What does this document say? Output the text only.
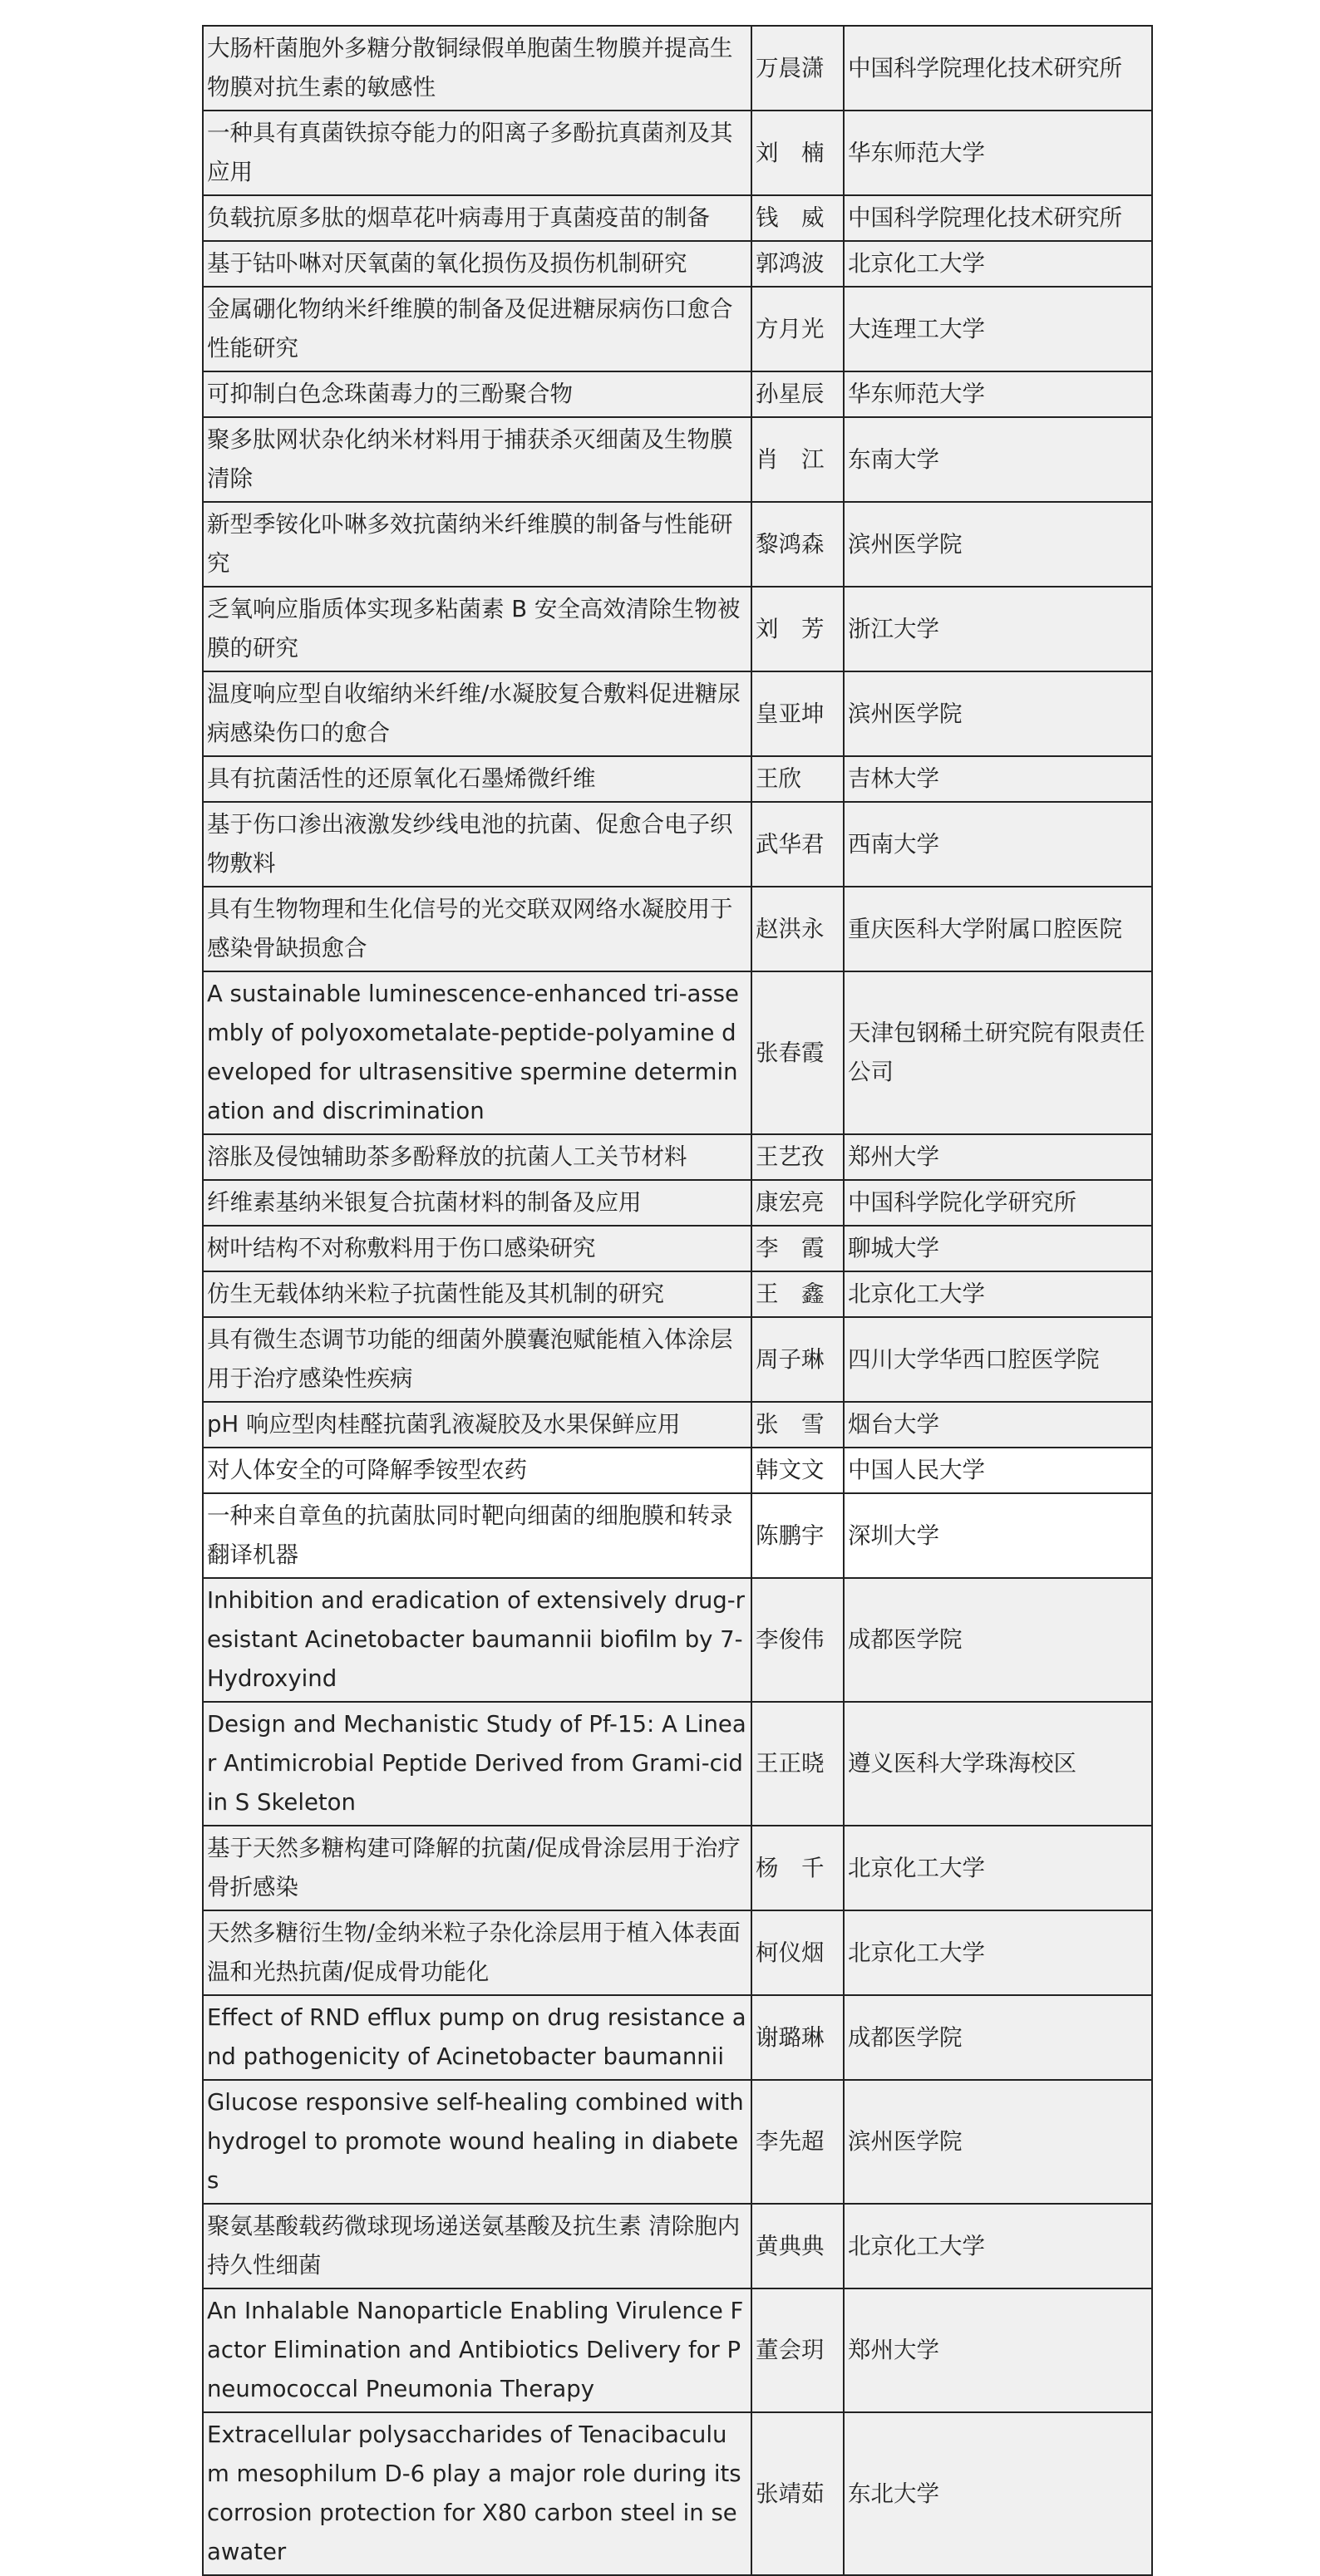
大肠杆菌胞外多糖分散铜绿假单胞菌生物膜并提高生物膜对抗生素的敏感性	万晨潇	中国科学院理化技术研究所
一种具有真菌铁掠夺能力的阳离子多酚抗真菌剂及其应用	刘　楠	华东师范大学
负载抗原多肽的烟草花叶病毒用于真菌疫苗的制备	钱　威	中国科学院理化技术研究所
基于钴卟啉对厌氧菌的氧化损伤及损伤机制研究	郭鸿波	北京化工大学
金属硼化物纳米纤维膜的制备及促进糖尿病伤口愈合性能研究	方月光	大连理工大学
可抑制白色念珠菌毒力的三酚聚合物	孙星辰	华东师范大学
聚多肽网状杂化纳米材料用于捕获杀灭细菌及生物膜清除	肖　江	东南大学
新型季铵化卟啉多效抗菌纳米纤维膜的制备与性能研究	黎鸿森	滨州医学院
乏氧响应脂质体实现多粘菌素 B 安全高效清除生物被膜的研究	刘　芳	浙江大学
温度响应型自收缩纳米纤维/水凝胶复合敷料促进糖尿病感染伤口的愈合	皇亚坤	滨州医学院
具有抗菌活性的还原氧化石墨烯微纤维	王欣	吉林大学
基于伤口渗出液激发纱线电池的抗菌、促愈合电子织物敷料	武华君	西南大学
具有生物物理和生化信号的光交联双网络水凝胶用于感染骨缺损愈合	赵洪永	重庆医科大学附属口腔医院
A sustainable luminescence-enhanced tri-assembly of polyoxometalate-peptide-polyamine developed for ultrasensitive spermine determination and discrimination	张春霞	天津包钢稀土研究院有限责任公司
溶胀及侵蚀辅助茶多酚释放的抗菌人工关节材料	王艺孜	郑州大学
纤维素基纳米银复合抗菌材料的制备及应用	康宏亮	中国科学院化学研究所
树叶结构不对称敷料用于伤口感染研究	李　霞	聊城大学
仿生无载体纳米粒子抗菌性能及其机制的研究	王　鑫	北京化工大学
具有微生态调节功能的细菌外膜囊泡赋能植入体涂层用于治疗感染性疾病	周子琳	四川大学华西口腔医学院
pH 响应型肉桂醛抗菌乳液凝胶及水果保鲜应用	张　雪	烟台大学
对人体安全的可降解季铵型农药	韩文文	中国人民大学
一种来自章鱼的抗菌肽同时靶向细菌的细胞膜和转录翻译机器	陈鹏宇	深圳大学
Inhibition and eradication of extensively drug-resistant Acinetobacter baumannii biofilm by 7-Hydroxyind	李俊伟	成都医学院
Design and Mechanistic Study of Pf-15: A Linear Antimicrobial Peptide Derived from Grami-cidin S Skeleton	王正晓	遵义医科大学珠海校区
基于天然多糖构建可降解的抗菌/促成骨涂层用于治疗骨折感染	杨　千	北京化工大学
天然多糖衍生物/金纳米粒子杂化涂层用于植入体表面温和光热抗菌/促成骨功能化	柯仪烟	北京化工大学
Effect of RND efflux pump on drug resistance and pathogenicity of Acinetobacter baumannii	谢璐琳	成都医学院
Glucose responsive self-healing combined with hydrogel to promote wound healing in diabetes	李先超	滨州医学院
聚氨基酸载药微球现场递送氨基酸及抗生素 清除胞内持久性细菌	黄典典	北京化工大学
An Inhalable Nanoparticle Enabling Virulence Factor Elimination and Antibiotics Delivery for Pneumococcal Pneumonia Therapy	董会玥	郑州大学
Extracellular polysaccharides of Tenacibaculum mesophilum D-6 play a major role during its corrosion protection for X80 carbon steel in seawater	张靖茹	东北大学
